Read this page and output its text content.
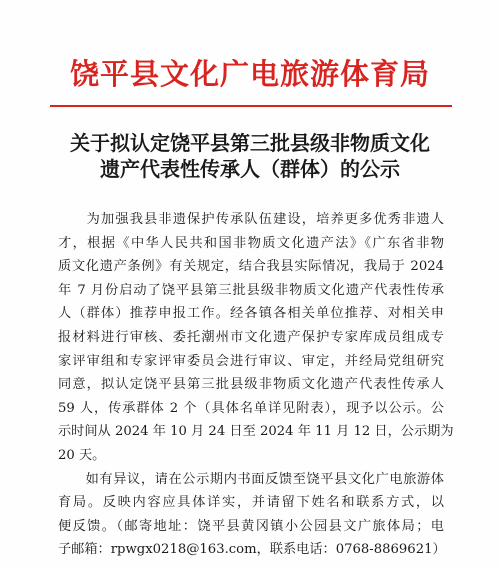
饶平县文化广电旅游体育局
关于拟认定饶平县第三批县级非物质文化
遗产代表性传承人（群体）的公示
　　为加强我县非遗保护传承队伍建设，培养更多优秀非遗人
才，根据《中华人民共和国非物质文化遗产法》《广东省非物
质文化遗产条例》有关规定，结合我县实际情况，我局于 2024
年 7 月份启动了饶平县第三批县级非物质文化遗产代表性传承
人（群体）推荐申报工作。经各镇各相关单位推荐、对相关申
报材料进行审核、委托潮州市文化遗产保护专家库成员组成专
家评审组和专家评审委员会进行审议、审定，并经局党组研究
同意，拟认定饶平县第三批县级非物质文化遗产代表性传承人
59 人，传承群体 2 个（具体名单详见附表），现予以公示。公
示时间从 2024 年 10 月 24 日至 2024 年 11 月 12 日，公示期为
20 天。
　　如有异议，请在公示期内书面反馈至饶平县文化广电旅游体
育局。反映内容应具体详实，并请留下姓名和联系方式，以
便反馈。（邮寄地址：饶平县黄冈镇小公园县文广旅体局；电
子邮箱：rpwgx0218@163.com，联系电话：0768-8869621）
